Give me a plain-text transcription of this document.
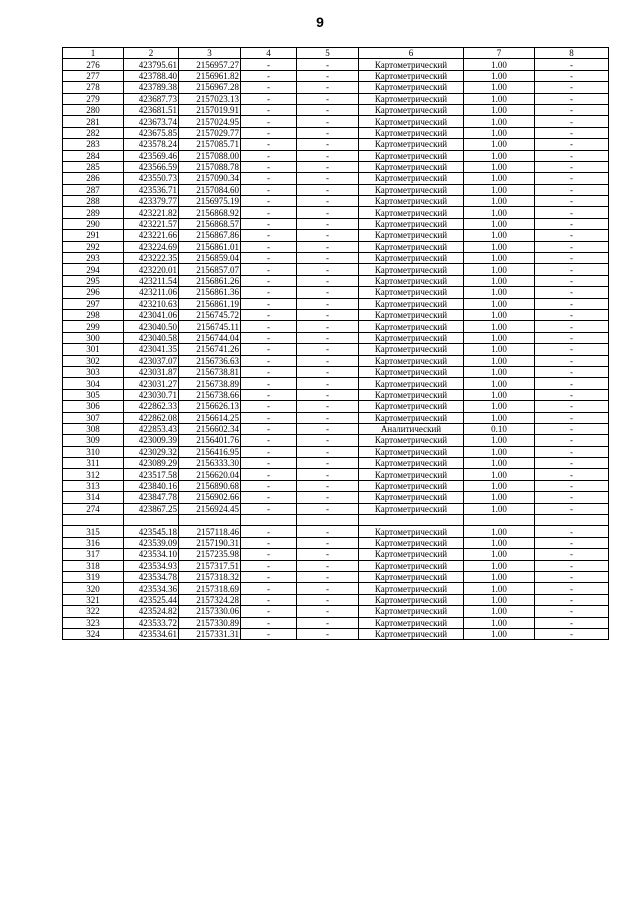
9
1	2	3	4	5	6	7	8
276	423795.61	2156957.27	-	-	Картометрический	1.00	-
277	423788.40	2156961.82	-	-	Картометрический	1.00	-
278	423789.38	2156967.28	-	-	Картометрический	1.00	-
279	423687.73	2157023.13	-	-	Картометрический	1.00	-
280	423681.51	2157019.91	-	-	Картометрический	1.00	-
281	423673.74	2157024.95	-	-	Картометрический	1.00	-
282	423675.85	2157029.77	-	-	Картометрический	1.00	-
283	423578.24	2157085.71	-	-	Картометрический	1.00	-
284	423569.46	2157088.00	-	-	Картометрический	1.00	-
285	423566.59	2157088.78	-	-	Картометрический	1.00	-
286	423550.73	2157090.34	-	-	Картометрический	1.00	-
287	423536.71	2157084.60	-	-	Картометрический	1.00	-
288	423379.77	2156975.19	-	-	Картометрический	1.00	-
289	423221.82	2156868.92	-	-	Картометрический	1.00	-
290	423221.57	2156868.57	-	-	Картометрический	1.00	-
291	423221.66	2156867.86	-	-	Картометрический	1.00	-
292	423224.69	2156861.01	-	-	Картометрический	1.00	-
293	423222.35	2156859.04	-	-	Картометрический	1.00	-
294	423220.01	2156857.07	-	-	Картометрический	1.00	-
295	423211.54	2156861.26	-	-	Картометрический	1.00	-
296	423211.06	2156861.36	-	-	Картометрический	1.00	-
297	423210.63	2156861.19	-	-	Картометрический	1.00	-
298	423041.06	2156745.72	-	-	Картометрический	1.00	-
299	423040.50	2156745.11	-	-	Картометрический	1.00	-
300	423040.58	2156744.04	-	-	Картометрический	1.00	-
301	423041.35	2156741.26	-	-	Картометрический	1.00	-
302	423037.07	2156736.63	-	-	Картометрический	1.00	-
303	423031.87	2156738.81	-	-	Картометрический	1.00	-
304	423031.27	2156738.89	-	-	Картометрический	1.00	-
305	423030.71	2156738.66	-	-	Картометрический	1.00	-
306	422862.33	2156626.13	-	-	Картометрический	1.00	-
307	422862.08	2156614.25	-	-	Картометрический	1.00	-
308	422853.43	2156602.34	-	-	Аналитический	0.10	-
309	423009.39	2156401.76	-	-	Картометрический	1.00	-
310	423029.32	2156416.95	-	-	Картометрический	1.00	-
311	423089.29	2156333.30	-	-	Картометрический	1.00	-
312	423517.58	2156620.04	-	-	Картометрический	1.00	-
313	423840.16	2156890.68	-	-	Картометрический	1.00	-
314	423847.78	2156902.66	-	-	Картометрический	1.00	-
274	423867.25	2156924.45	-	-	Картометрический	1.00	-

315	423545.18	2157118.46	-	-	Картометрический	1.00	-
316	423539.09	2157190.31	-	-	Картометрический	1.00	-
317	423534.10	2157235.98	-	-	Картометрический	1.00	-
318	423534.93	2157317.51	-	-	Картометрический	1.00	-
319	423534.78	2157318.32	-	-	Картометрический	1.00	-
320	423534.36	2157318.69	-	-	Картометрический	1.00	-
321	423525.44	2157324.28	-	-	Картометрический	1.00	-
322	423524.82	2157330.06	-	-	Картометрический	1.00	-
323	423533.72	2157330.89	-	-	Картометрический	1.00	-
324	423534.61	2157331.31	-	-	Картометрический	1.00	-
